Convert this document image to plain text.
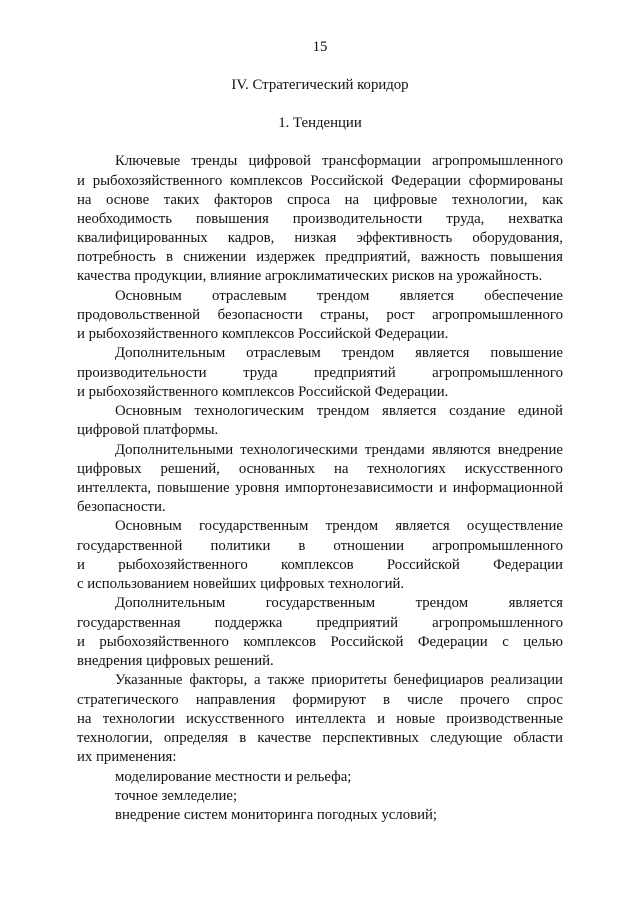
15
IV. Стратегический коридор
1. Тенденции
Ключевые тренды цифровой трансформации агропромышленного
и рыбохозяйственного комплексов Российской Федерации сформированы
на основе таких факторов спроса на цифровые технологии, как
необходимость повышения производительности труда, нехватка
квалифицированных кадров, низкая эффективность оборудования,
потребность в снижении издержек предприятий, важность повышения
качества продукции, влияние агроклиматических рисков на урожайность.
Основным отраслевым трендом является обеспечение
продовольственной безопасности страны, рост агропромышленного
и рыбохозяйственного комплексов Российской Федерации.
Дополнительным отраслевым трендом является повышение
производительности труда предприятий агропромышленного
и рыбохозяйственного комплексов Российской Федерации.
Основным технологическим трендом является создание единой
цифровой платформы.
Дополнительными технологическими трендами являются внедрение
цифровых решений, основанных на технологиях искусственного
интеллекта, повышение уровня импортонезависимости и информационной
безопасности.
Основным государственным трендом является осуществление
государственной политики в отношении агропромышленного
и рыбохозяйственного комплексов Российской Федерации
с использованием новейших цифровых технологий.
Дополнительным	государственным	трендом	является
государственная поддержка предприятий агропромышленного
и рыбохозяйственного комплексов Российской Федерации с целью
внедрения цифровых решений.
Указанные факторы, а также приоритеты бенефициаров реализации
стратегического направления формируют в числе прочего спрос
на технологии искусственного интеллекта и новые производственные
технологии, определяя в качестве перспективных следующие области
их применения:
моделирование местности и рельефа;
точное земледелие;
внедрение систем мониторинга погодных условий;
